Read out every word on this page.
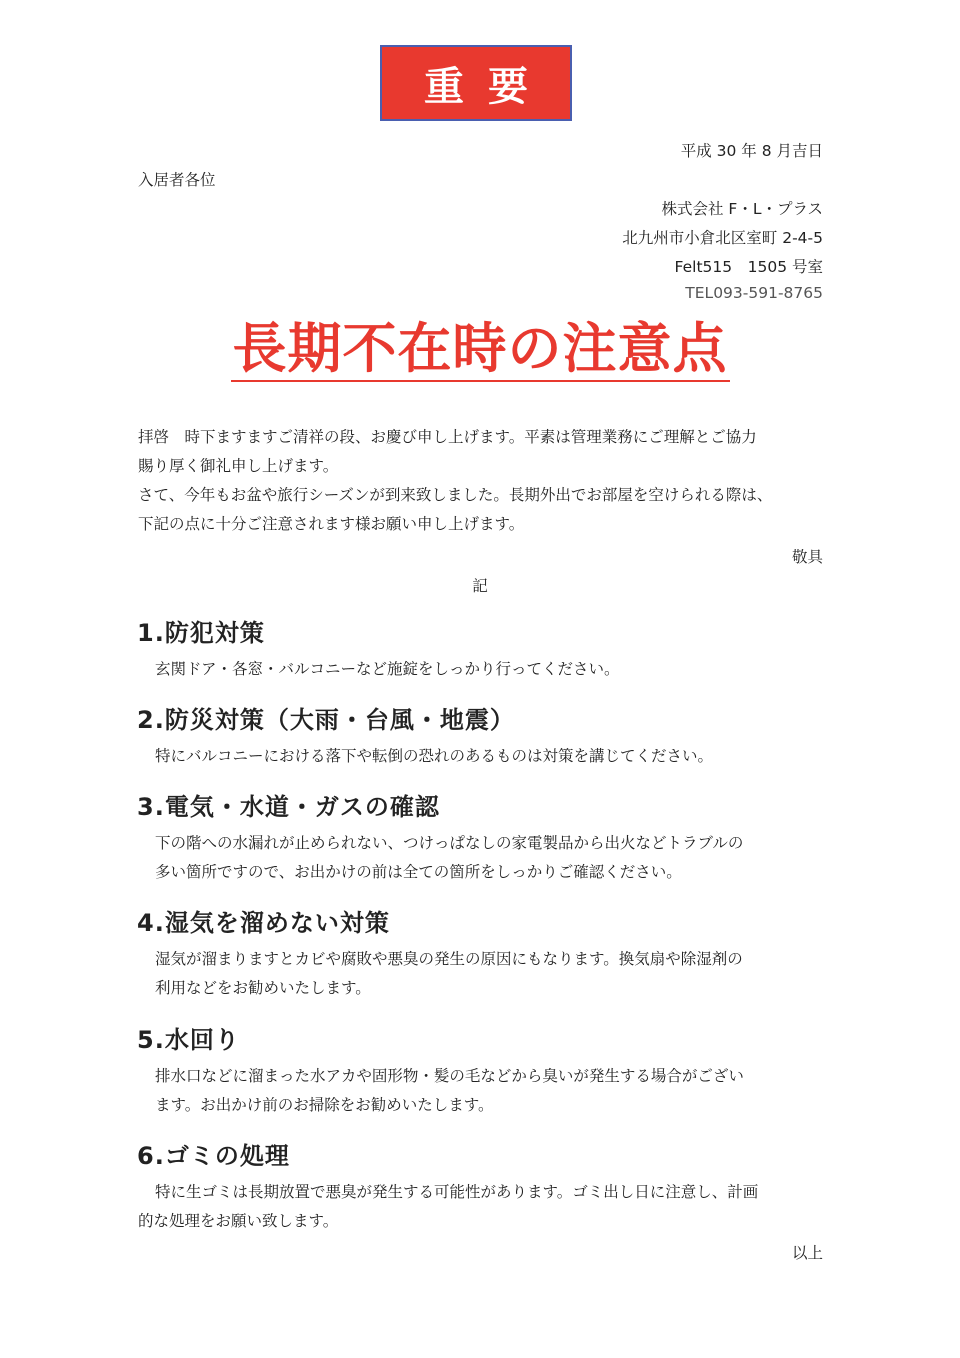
重要
平成 30 年 8 月吉日
入居者各位
株式会社 F・L・プラス
北九州市小倉北区室町 2-4-5
Felt515　1505 号室
TEL093-591-8765
長期不在時の注意点
拝啓　時下ますますご清祥の段、お慶び申し上げます。平素は管理業務にご理解とご協力
賜り厚く御礼申し上げます。
さて、今年もお盆や旅行シーズンが到来致しました。長期外出でお部屋を空けられる際は、
下記の点に十分ご注意されます様お願い申し上げます。
敬具
記
1.防犯対策
玄関ドア・各窓・バルコニーなど施錠をしっかり行ってください。
2.防災対策（大雨・台風・地震）
特にバルコニーにおける落下や転倒の恐れのあるものは対策を講じてください。
3.電気・水道・ガスの確認
下の階への水漏れが止められない、つけっぱなしの家電製品から出火などトラブルの
多い箇所ですので、お出かけの前は全ての箇所をしっかりご確認ください。
4.湿気を溜めない対策
湿気が溜まりますとカビや腐敗や悪臭の発生の原因にもなります。換気扇や除湿剤の
利用などをお勧めいたします。
5.水回り
排水口などに溜まった水アカや固形物・髪の毛などから臭いが発生する場合がござい
ます。お出かけ前のお掃除をお勧めいたします。
6.ゴミの処理
特に生ゴミは長期放置で悪臭が発生する可能性があります。ゴミ出し日に注意し、計画
的な処理をお願い致します。
以上
